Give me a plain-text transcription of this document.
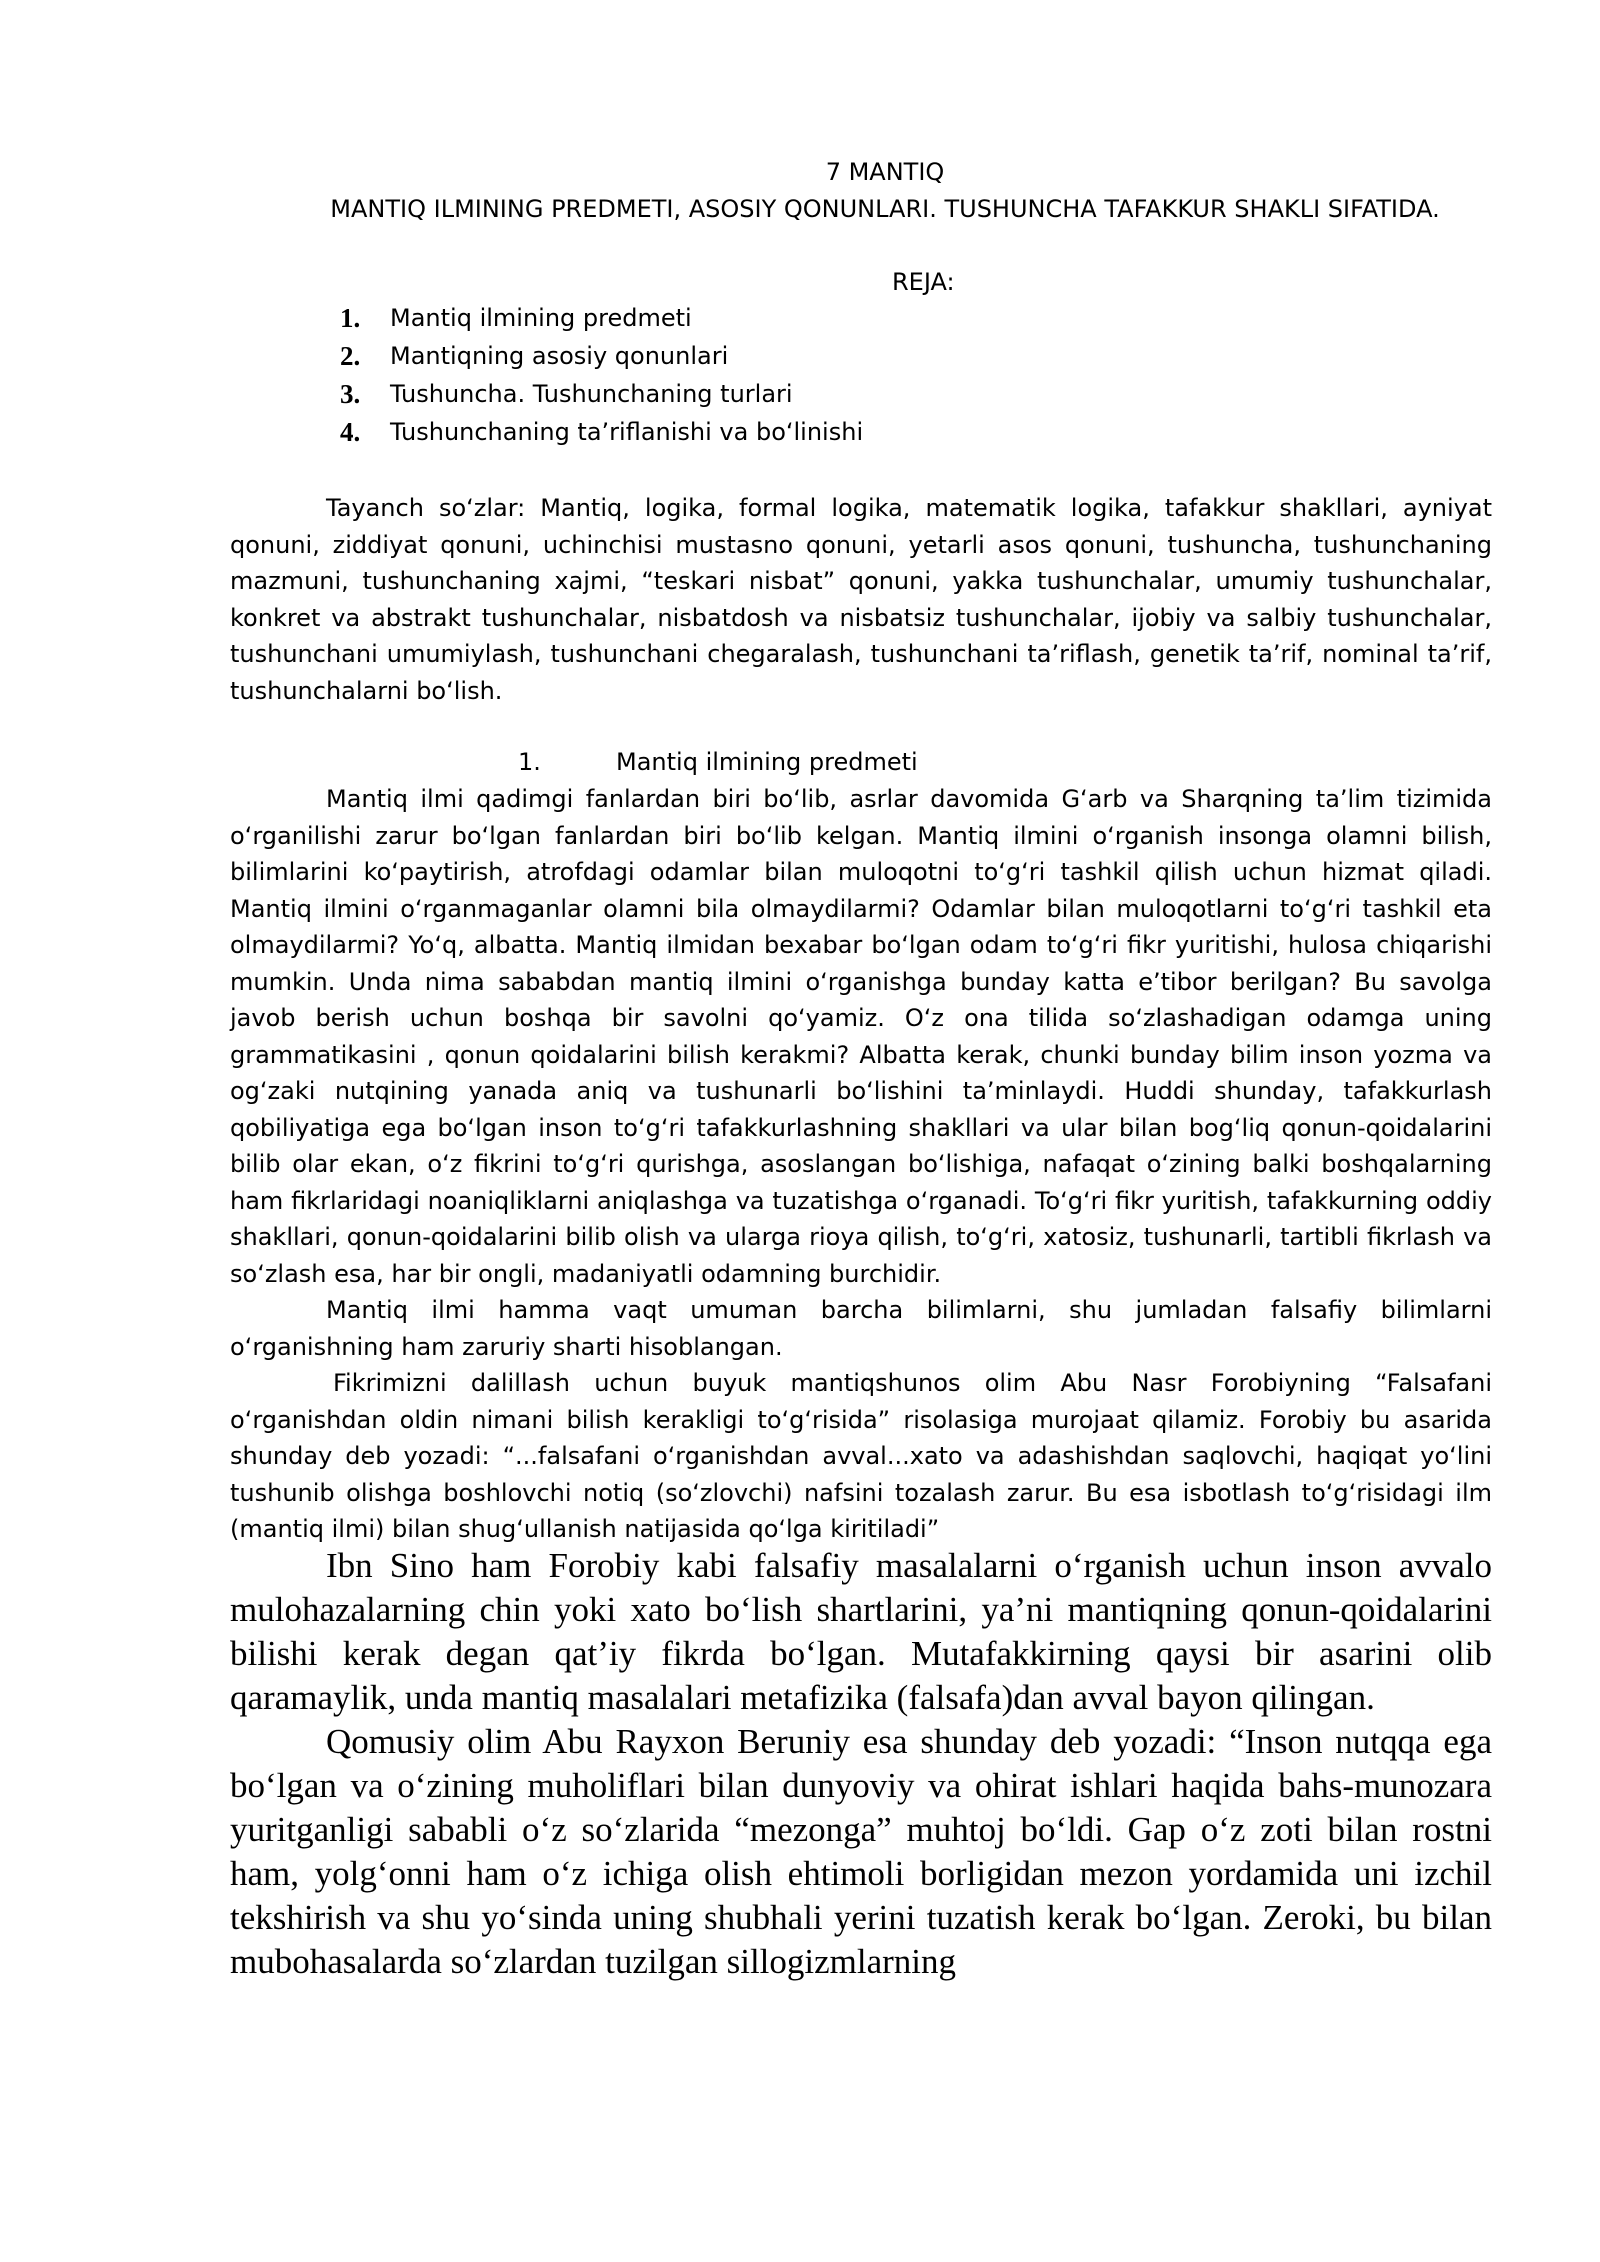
7 MANTIQ
MANTIQ ILMINING PREDMETI, ASOSIY QONUNLARI. TUSHUNCHA TAFAKKUR SHAKLI SIFATIDA.
REJA:
1. Mantiq ilmining predmeti
2. Mantiqning asosiy qonunlari
3. Tushuncha. Tushunchaning turlari
4. Tushunchaning ta’riflanishi va bo‘linishi

Tayanch so‘zlar: Mantiq, logika, formal logika, matematik logika, tafakkur shakllari, ayniyat qonuni, ziddiyat qonuni, uchinchisi mustasno qonuni, yetarli asos qonuni, tushuncha, tushunchaning mazmuni, tushunchaning xajmi, “teskari nisbat” qonuni, yakka tushunchalar, umumiy tushunchalar, konkret va abstrakt tushunchalar, nisbatdosh va nisbatsiz tushunchalar, ijobiy va salbiy tushunchalar, tushunchani umumiylash, tushunchani chegaralash, tushunchani ta’riflash, genetik ta’rif, nominal ta’rif, tushunchalarni bo‘lish.

1.	Mantiq ilmining predmeti

Mantiq ilmi qadimgi fanlardan biri bo‘lib, asrlar davomida G‘arb va Sharqning ta’lim tizimida o‘rganilishi zarur bo‘lgan fanlardan biri bo‘lib kelgan. Mantiq ilmini o‘rganish insonga olamni bilish, bilimlarini ko‘paytirish, atrofdagi odamlar bilan muloqotni to‘g‘ri tashkil qilish uchun hizmat qiladi. Mantiq ilmini o‘rganmaganlar olamni bila olmaydilarmi? Odamlar bilan muloqotlarni to‘g‘ri tashkil eta olmaydilarmi? Yo‘q, albatta. Mantiq ilmidan bexabar bo‘lgan odam to‘g‘ri fikr yuritishi, hulosa chiqarishi mumkin. Unda nima sababdan mantiq ilmini o‘rganishga bunday katta e’tibor berilgan? Bu savolga javob berish uchun boshqa bir savolni qo‘yamiz. O‘z ona tilida so‘zlashadigan odamga uning grammatikasini , qonun qoidalarini bilish kerakmi? Albatta kerak, chunki bunday bilim inson yozma va og‘zaki nutqining yanada aniq va tushunarli bo‘lishini ta’minlaydi. Huddi shunday, tafakkurlash qobiliyatiga ega bo‘lgan inson to‘g‘ri tafakkurlashning shakllari va ular bilan bog‘liq qonun-qoidalarini bilib olar ekan, o‘z fikrini to‘g‘ri qurishga, asoslangan bo‘lishiga, nafaqat o‘zining balki boshqalarning ham fikrlaridagi noaniqliklarni aniqlashga va tuzatishga o‘rganadi. To‘g‘ri fikr yuritish, tafakkurning oddiy shakllari, qonun-qoidalarini bilib olish va ularga rioya qilish, to‘g‘ri, xatosiz, tushunarli, tartibli fikrlash va so‘zlash esa, har bir ongli, madaniyatli odamning burchidir.

Mantiq ilmi hamma vaqt umuman barcha bilimlarni, shu jumladan falsafiy bilimlarni o‘rganishning ham zaruriy sharti hisoblangan.

Fikrimizni dalillash uchun buyuk mantiqshunos olim Abu Nasr Forobiyning “Falsafani o‘rganishdan oldin nimani bilish kerakligi to‘g‘risida” risolasiga murojaat qilamiz. Forobiy bu asarida shunday deb yozadi: “...falsafani o‘rganishdan avval...xato va adashishdan saqlovchi, haqiqat yo‘lini tushunib olishga boshlovchi notiq (so‘zlovchi) nafsini tozalash zarur. Bu esa isbotlash to‘g‘risidagi ilm (mantiq ilmi) bilan shug‘ullanish natijasida qo‘lga kiritiladi”

Ibn Sino ham Forobiy kabi falsafiy masalalarni o‘rganish uchun inson avvalo mulohazalarning chin yoki xato bo‘lish shartlarini, ya’ni mantiqning qonun-qoidalarini bilishi kerak degan qat’iy fikrda bo‘lgan. Mutafakkirning qaysi bir asarini olib qaramaylik, unda mantiq masalalari metafizika (falsafa)dan avval bayon qilingan.

Qomusiy olim Abu Rayxon Beruniy esa shunday deb yozadi: “Inson nutqqa ega bo‘lgan va o‘zining muholiflari bilan dunyoviy va ohirat ishlari haqida bahs-munozara yuritganligi sababli o‘z so‘zlarida “mezonga” muhtoj bo‘ldi. Gap o‘z zoti bilan rostni ham, yolg‘onni ham o‘z ichiga olish ehtimoli borligidan mezon yordamida uni izchil tekshirish va shu yo‘sinda uning shubhali yerini tuzatish kerak bo‘lgan. Zeroki, bu bilan mubohasalarda so‘zlardan tuzilgan sillogizmlarning
